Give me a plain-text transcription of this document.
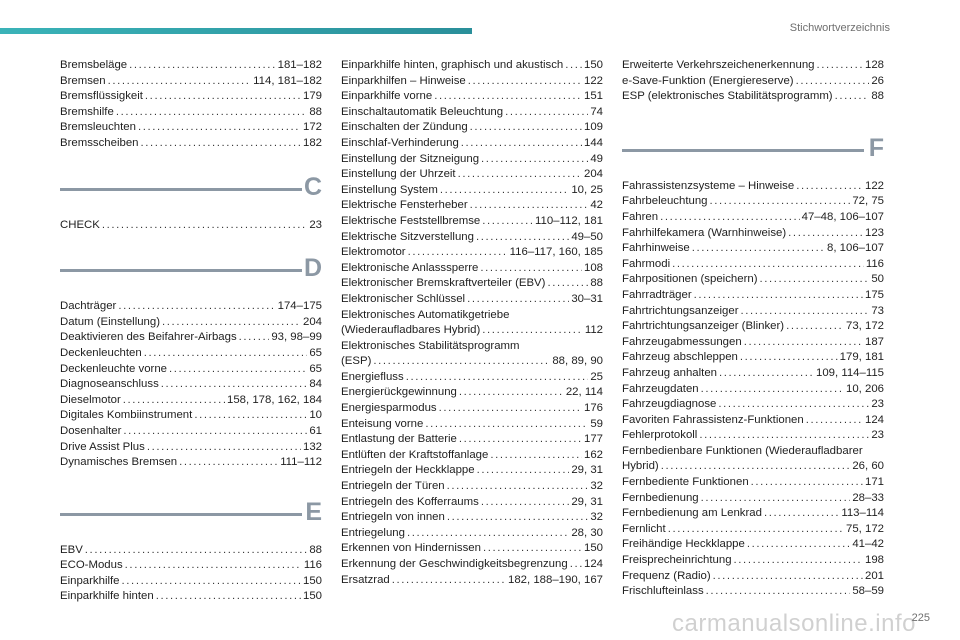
Stichwortverzeichnis
Bremsbeläge .....	181–182
Bremsen .....	114, 181–182
Bremsflüssigkeit .....	179
Bremshilfe .....	88
Bremsleuchten .....	172
Bremsscheiben .....	182
C
CHECK .....	23
D
Dachträger .....	174–175
Datum (Einstellung) .....	204
Deaktivieren des Beifahrer-Airbags .....	93, 98–99
Deckenleuchten .....	65
Deckenleuchte vorne .....	65
Diagnoseanschluss .....	84
Dieselmotor .....	158, 178, 162, 184
Digitales Kombiinstrument .....	10
Dosenhalter .....	61
Drive Assist Plus .....	132
Dynamisches Bremsen .....	111–112
E
EBV .....	88
ECO-Modus .....	116
Einparkhilfe .....	150
Einparkhilfe hinten .....	150
Einparkhilfe hinten, graphisch und akustisch ..... 150
Einparkhilfen – Hinweise .....	122
Einparkhilfe vorne .....	151
Einschaltautomatik Beleuchtung .....	74
Einschalten der Zündung .....	109
Einschlaf-Verhinderung .....	144
Einstellung der Sitzneigung .....	49
Einstellung der Uhrzeit .....	204
Einstellung System .....	10, 25
Elektrische Fensterheber .....	42
Elektrische Feststellbremse .....	110–112, 181
Elektrische Sitzverstellung .....	49–50
Elektromotor .....	116–117, 160, 185
Elektronische Anlasssperre .....	108
Elektronischer Bremskraftverteiler (EBV) .....	88
Elektronischer Schlüssel .....	30–31
Elektronisches Automatikgetriebe
(Wiederaufladbares Hybrid) .....	112
Elektronisches Stabilitätsprogramm
(ESP) .....	88, 89, 90
Energiefluss .....	25
Energierückgewinnung .....	22, 114
Energiesparmodus .....	176
Enteisung vorne .....	59
Entlastung der Batterie .....	177
Entlüften der Kraftstoffanlage .....	162
Entriegeln der Heckklappe .....	29, 31
Entriegeln der Türen .....	32
Entriegeln des Kofferraums .....	29, 31
Entriegeln von innen .....	32
Entriegelung .....	28, 30
Erkennen von Hindernissen .....	150
Erkennung der Geschwindigkeitsbegrenzung ..... 124
Ersatzrad .....	182, 188–190, 167
Erweiterte Verkehrszeichenerkennung .....	128
e-Save-Funktion (Energiereserve) .....	26
ESP (elektronisches Stabilitätsprogramm) .....	88
F
Fahrassistenzsysteme – Hinweise .....	122
Fahrbeleuchtung .....	72, 75
Fahren .....	47–48, 106–107
Fahrhilfekamera (Warnhinweise) .....	123
Fahrhinweise .....	8, 106–107
Fahrmodi .....	116
Fahrpositionen (speichern) .....	50
Fahrradträger .....	175
Fahrtrichtungsanzeiger .....	73
Fahrtrichtungsanzeiger (Blinker) .....	73, 172
Fahrzeugabmessungen .....	187
Fahrzeug abschleppen .....	179, 181
Fahrzeug anhalten .....	109, 114–115
Fahrzeugdaten .....	10, 206
Fahrzeugdiagnose .....	23
Favoriten Fahrassistenz-Funktionen .....	124
Fehlerprotokoll .....	23
Fernbedienbare Funktionen (Wiederaufladbarer
Hybrid) .....	26, 60
Fernbediente Funktionen .....	171
Fernbedienung .....	28–33
Fernbedienung am Lenkrad .....	113–114
Fernlicht .....	75, 172
Freihändige Heckklappe .....	41–42
Freisprecheinrichtung .....	198
Frequenz (Radio) .....	201
Frischlufteinlass .....	58–59
carmanualsonline.info
225
